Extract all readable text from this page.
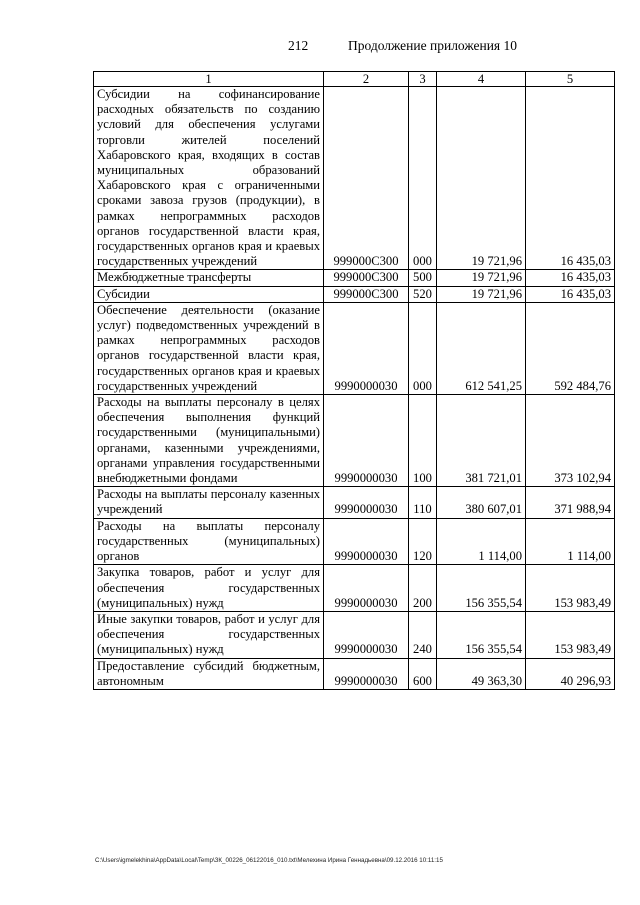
212	Продолжение приложения 10
1	2	3	4	5
Субсидии на софинансирование расходных обязательств по созданию условий для обеспечения услугами торговли жителей поселений Хабаровского края, входящих в состав муниципальных образований Хабаровского края с ограниченными сроками завоза грузов (продукции), в рамках непрограммных расходов органов государственной власти края, государственных органов края и краевых государственных учреждений	999000С300	000	19 721,96	16 435,03
Межбюджетные трансферты	999000С300	500	19 721,96	16 435,03
Субсидии	999000С300	520	19 721,96	16 435,03
Обеспечение деятельности (оказание услуг) подведомственных учреждений в рамках непрограммных расходов органов государственной власти края, государственных органов края и краевых государственных учреждений	9990000030	000	612 541,25	592 484,76
Расходы на выплаты персоналу в целях обеспечения выполнения функций государственными (муниципальными) органами, казенными учреждениями, органами управления государственными внебюджетными фондами	9990000030	100	381 721,01	373 102,94
Расходы на выплаты персоналу казенных учреждений	9990000030	110	380 607,01	371 988,94
Расходы на выплаты персоналу государственных (муниципальных) органов	9990000030	120	1 114,00	1 114,00
Закупка товаров, работ и услуг для обеспечения государственных (муниципальных) нужд	9990000030	200	156 355,54	153 983,49
Иные закупки товаров, работ и услуг для обеспечения государственных (муниципальных) нужд	9990000030	240	156 355,54	153 983,49
Предоставление субсидий бюджетным, автономным	9990000030	600	49 363,30	40 296,93
C:\Users\igmelekhina\AppData\Local\Temp\ЗК_00226_06122016_010.txt\Мелехина Ирина Геннадьевна\09.12.2016 10:11:15
